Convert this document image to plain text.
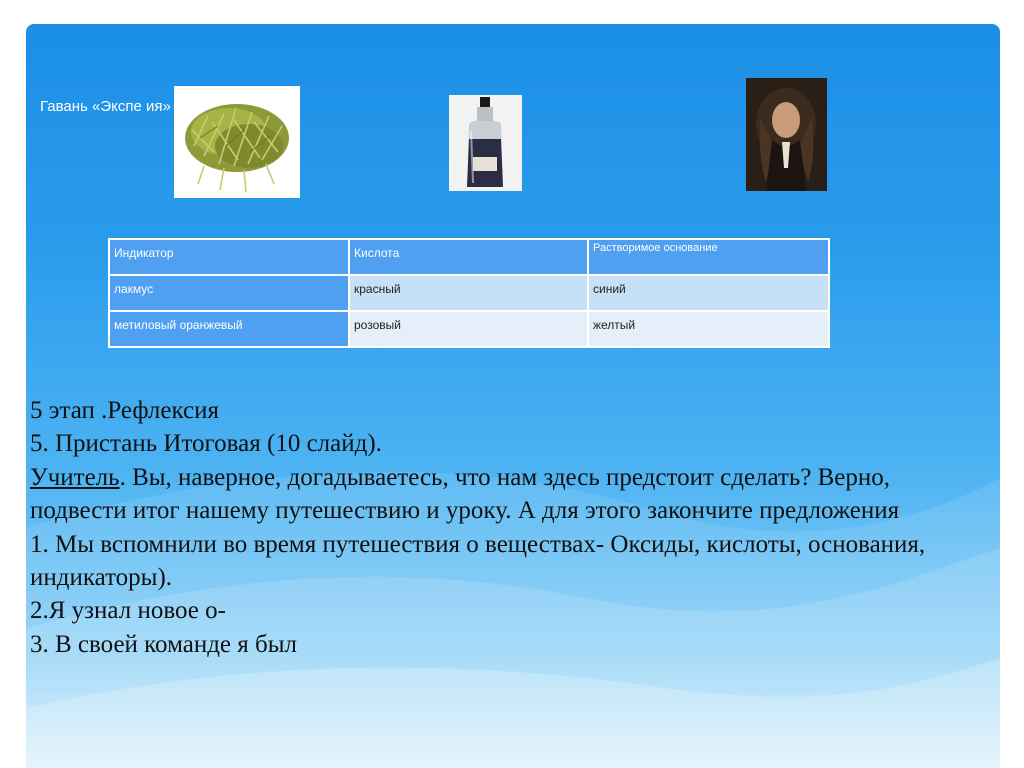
Гавань «Экспе ия»
Индикатор	Кислота	Растворимое основание
лакмус	красный	синий
метиловый оранжевый	розовый	желтый

5 этап .Рефлексия

5. Пристань Итоговая (10 слайд).

Учитель. Вы, наверное, догадываетесь, что нам здесь предстоит сделать? Верно, подвести итог нашему путешествию и уроку. А для этого закончите предложения

1. Мы вспомнили во время путешествия о веществах- Оксиды, кислоты, основания, индикаторы).

2.Я узнал новое о-

3. В своей команде я был
